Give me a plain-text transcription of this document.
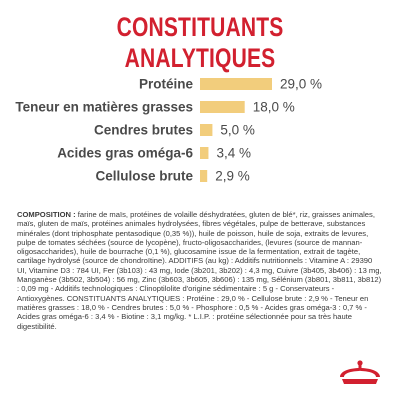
CONSTITUANTS ANALYTIQUES
Protéine	29,0 %
Teneur en matières grasses	18,0 %
Cendres brutes 5,0 %
Acides gras oméga-6 3,4 %
Cellulose brute 2,9 %
COMPOSITION : farine de maïs, protéines de volaille déshydratées, gluten de blé*, riz, graisses animales, maïs, gluten de maïs, protéines animales hydrolysées, fibres végétales, pulpe de betterave, substances minérales (dont triphosphate pentasodique (0,35 %)), huile de poisson, huile de soja, extraits de levures, pulpe de tomates séchées (source de lycopène), fructo-oligosaccharides, (levures (source de mannan-oligosaccharides), huile de bourrache (0,1 %), glucosamine issue de la fermentation, extrait de tagète, cartilage hydrolysé (source de chondroïtine). ADDITIFS (au kg) : Additifs nutritionnels : Vitamine A : 29390 UI, Vitamine D3 : 784 UI, Fer (3b103) : 43 mg, Iode (3b201, 3b202) : 4,3 mg, Cuivre (3b405, 3b406) : 13 mg, Manganèse (3b502, 3b504) : 56 mg, Zinc (3b603, 3b605, 3b606) : 135 mg, Sélénium (3b801, 3b811, 3b812) : 0,09 mg - Additifs technologiques : Clinoptilolite d'origine sédimentaire : 5 g - Conservateurs - Antioxygènes. CONSTITUANTS ANALYTIQUES : Protéine : 29,0 % - Cellulose brute : 2,9 % - Teneur en matières grasses : 18,0 % - Cendres brutes : 5,0 % - Phosphore : 0,5 % - Acides gras oméga-3 : 0,7 % - Acides gras oméga-6 : 3,4 % - Biotine : 3,1 mg/kg. * L.I.P. : protéine sélectionnée pour sa très haute digestibilité.
